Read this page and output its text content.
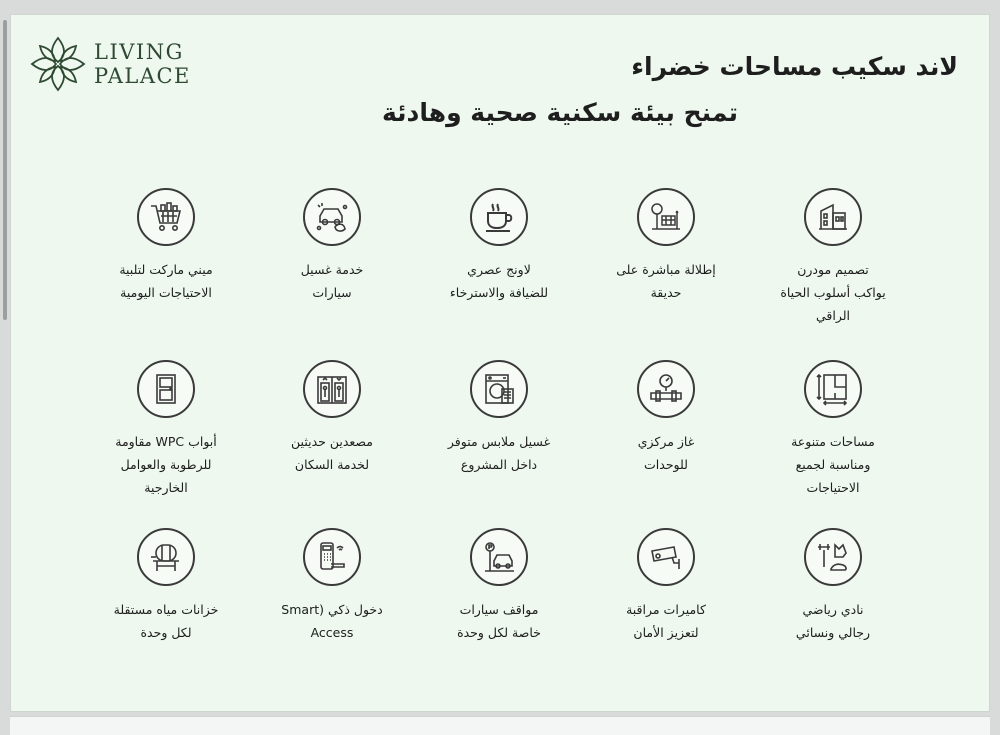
LIVING
PALACE	لاند سكيب مساحات خضراء
تمنح بيئة سكنية صحية وهادئة
ميني ماركت لتلبية
الاحتياجات اليومية
خدمة غسيل
سيارات
لاونج عصري
للضيافة والاسترخاء
إطلالة مباشرة على
حديقة
تصميم مودرن
يواكب أسلوب الحياة
الراقي
أبواب WPC مقاومة
للرطوبة والعوامل
الخارجية
مصعدين حديثين
لخدمة السكان
غسيل ملابس متوفر
داخل المشروع
غاز مركزي
للوحدات
مساحات متنوعة
ومناسبة لجميع
الاحتياجات
خزانات مياه مستقلة
لكل وحدة
دخول ذكي (Smart
Access
مواقف سيارات
خاصة لكل وحدة
كاميرات مراقبة
لتعزيز الأمان
نادي رياضي
رجالي ونسائي
